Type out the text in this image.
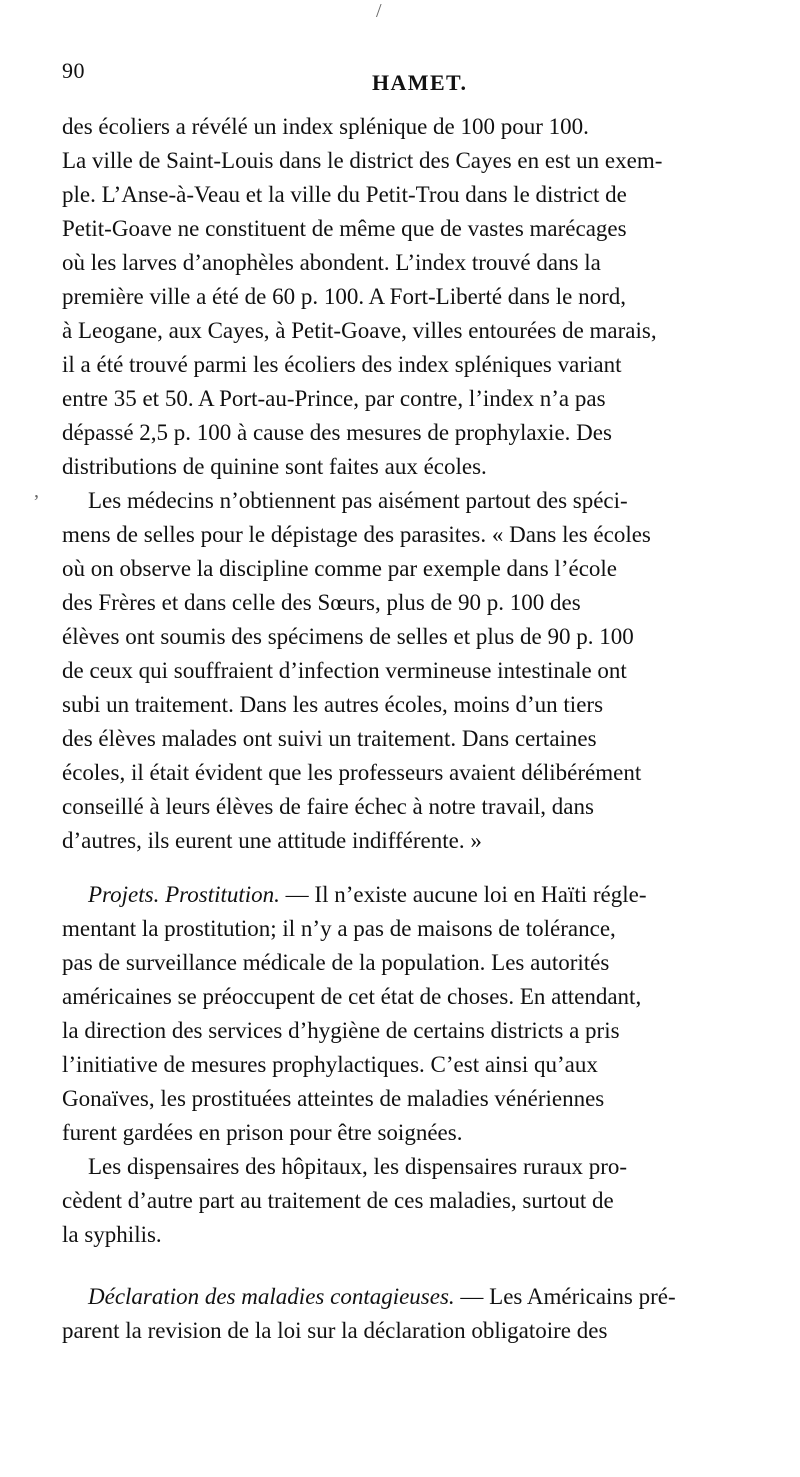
90	HAMET.
/
,
des écoliers a révélé un index splénique de 100 pour 100.
La ville de Saint-Louis dans le district des Cayes en est un exem-
ple. L’Anse-à-Veau et la ville du Petit-Trou dans le district de
Petit-Goave ne constituent de même que de vastes marécages
où les larves d’anophèles abondent. L’index trouvé dans la
première ville a été de 60 p. 100. A Fort-Liberté dans le nord,
à Leogane, aux Cayes, à Petit-Goave, villes entourées de marais,
il a été trouvé parmi les écoliers des index spléniques variant
entre 35 et 50. A Port-au-Prince, par contre, l’index n’a pas
dépassé 2,5 p. 100 à cause des mesures de prophylaxie. Des
distributions de quinine sont faites aux écoles.
Les médecins n’obtiennent pas aisément partout des spéci-
mens de selles pour le dépistage des parasites. « Dans les écoles
où on observe la discipline comme par exemple dans l’école
des Frères et dans celle des Sœurs, plus de 90 p. 100 des
élèves ont soumis des spécimens de selles et plus de 90 p. 100
de ceux qui souffraient d’infection vermineuse intestinale ont
subi un traitement. Dans les autres écoles, moins d’un tiers
des élèves malades ont suivi un traitement. Dans certaines
écoles, il était évident que les professeurs avaient délibérément
conseillé à leurs élèves de faire échec à notre travail, dans
d’autres, ils eurent une attitude indifférente. »
Projets. Prostitution. — Il n’existe aucune loi en Haïti régle-
mentant la prostitution; il n’y a pas de maisons de tolérance,
pas de surveillance médicale de la population. Les autorités
américaines se préoccupent de cet état de choses. En attendant,
la direction des services d’hygiène de certains districts a pris
l’initiative de mesures prophylactiques. C’est ainsi qu’aux
Gonaïves, les prostituées atteintes de maladies vénériennes
furent gardées en prison pour être soignées.
Les dispensaires des hôpitaux, les dispensaires ruraux pro-
cèdent d’autre part au traitement de ces maladies, surtout de
la syphilis.
Déclaration des maladies contagieuses. — Les Américains pré-
parent la revision de la loi sur la déclaration obligatoire des
